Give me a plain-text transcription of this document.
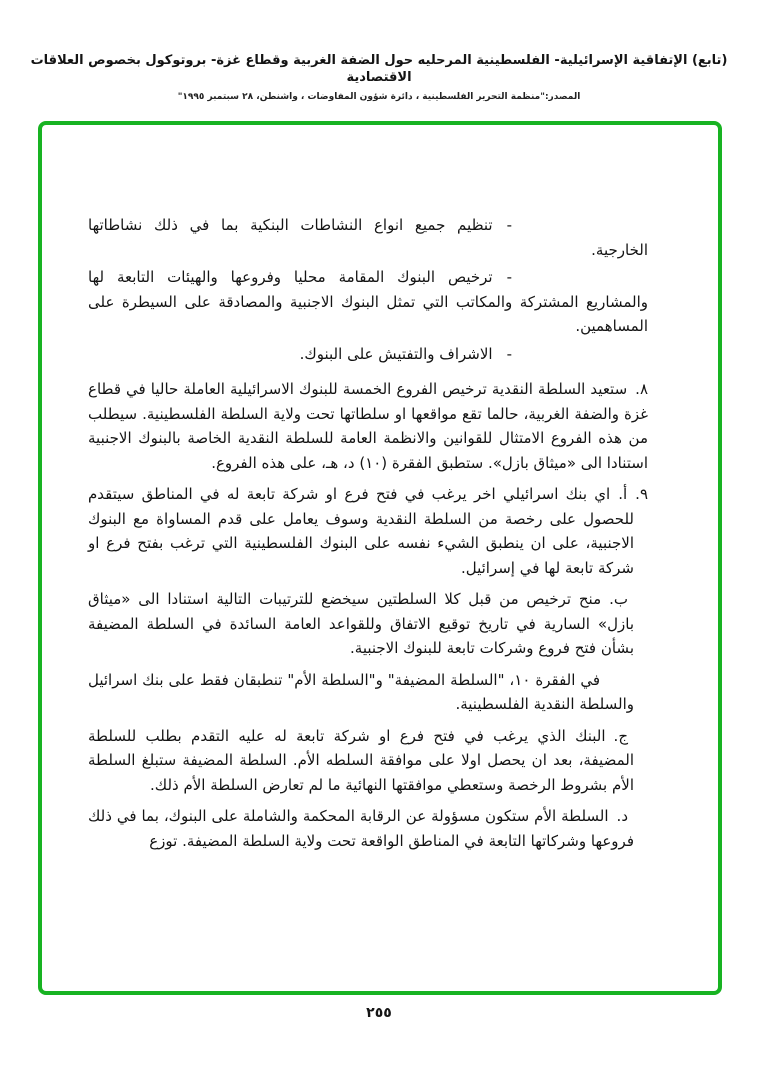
(تابع) الإتفاقية الإسرائيلية- الفلسطينية المرحليه حول الضفة الغربية وقطاع غزة- بروتوكول بخصوص العلاقات الاقتصادية
المصدر:"منظمة التحرير الفلسطينية ، دائرة شؤون المفاوضات ، واشنطن، ٢٨ سبتمبر ١٩٩٥"

-تنظيم جميع انواع النشاطات البنكية بما في ذلك نشاطاتها الخارجية.

-ترخيص البنوك المقامة محليا وفروعها والهيئات التابعة لها والمشاريع المشتركة والمكاتب التي تمثل البنوك الاجنبية والمصادقة على السيطرة على المساهمين.

-الاشراف والتفتيش على البنوك.

٨.ستعيد السلطة النقدية ترخيص الفروع الخمسة للبنوك الاسرائيلية العاملة حاليا في قطاع غزة والضفة الغربية، حالما تقع مواقعها او سلطاتها تحت ولاية السلطة الفلسطينية. سيطلب من هذه الفروع الامتثال للقوانين والانظمة العامة للسلطة النقدية الخاصة بالبنوك الاجنبية استنادا الى «ميثاق بازل». ستطبق الفقرة (١٠) د، هـ، على هذه الفروع.

٩.أ.اي بنك اسرائيلي اخر يرغب في فتح فرع او شركة تابعة له في المناطق سيتقدم للحصول على رخصة من السلطة النقدية وسوف يعامل على قدم المساواة مع البنوك الاجنبية، على ان ينطبق الشيء نفسه على البنوك الفلسطينية التي ترغب بفتح فرع او شركة تابعة لها في إسرائيل.

ب.منح ترخيص من قبل كلا السلطتين سيخضع للترتيبات التالية استنادا الى «ميثاق بازل» السارية في تاريخ توقيع الاتفاق وللقواعد العامة السائدة في السلطة المضيفة بشأن فتح فروع وشركات تابعة للبنوك الاجنبية.

في الفقرة ١٠، "السلطة المضيفة" و"السلطة الأم" تنطبقان فقط على بنك اسرائيل والسلطة النقدية الفلسطينية.

ج.البنك الذي يرغب في فتح فرع او شركة تابعة له عليه التقدم بطلب للسلطة المضيفة، بعد ان يحصل اولا على موافقة السلطه الأم. السلطة المضيفة ستبلغ السلطة الأم بشروط الرخصة وستعطي موافقتها النهائية ما لم تعارض السلطة الأم ذلك.

د.السلطة الأم ستكون مسؤولة عن الرقابة المحكمة والشاملة على البنوك، بما في ذلك فروعها وشركاتها التابعة في المناطق الواقعة تحت ولاية السلطة المضيفة. توزع

٢٥٥
